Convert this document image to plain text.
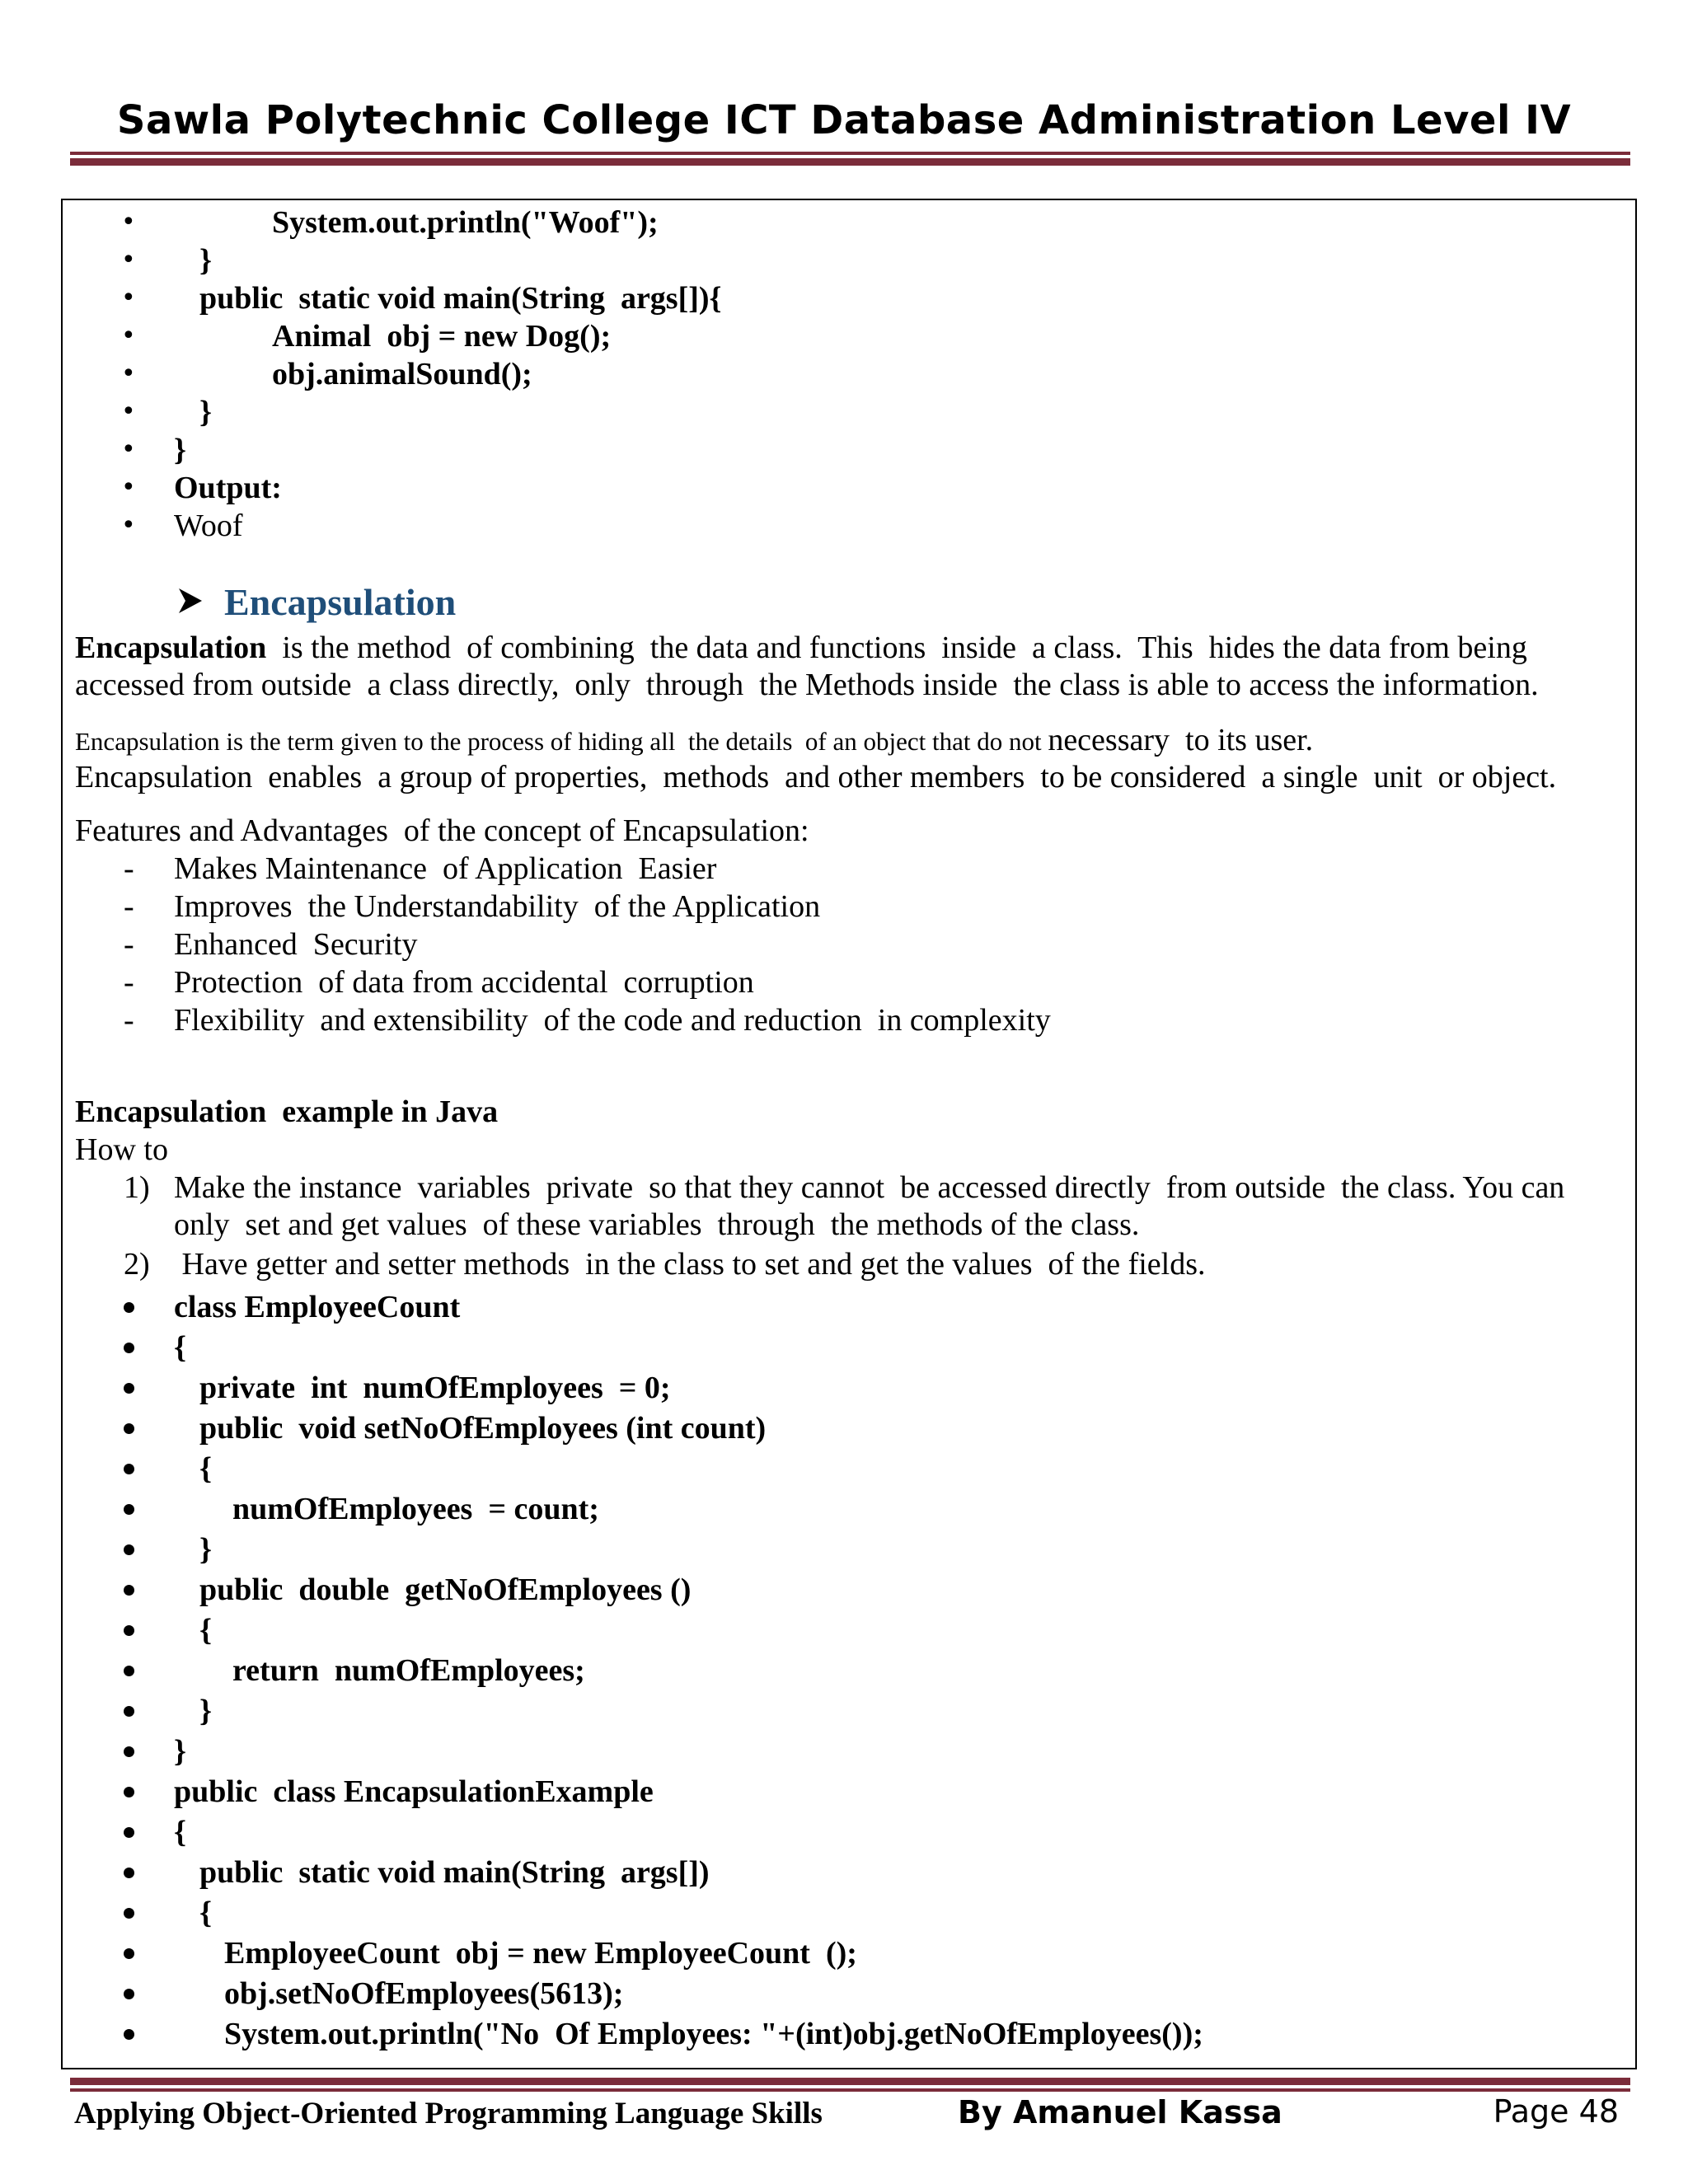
Sawla Polytechnic College ICT Database Administration Level IV
•	System.out.println("Woof");
• }
• public  static void main(String  args[]){
•	Animal  obj = new Dog();
•	obj.animalSound();
• }
• }
• Output:
• Woof
Encapsulation
Encapsulation  is the method  of combining  the data and functions  inside  a class.  This  hides the data from being
accessed from outside  a class directly,  only  through  the Methods inside  the class is able to access the information.
Encapsulation is the term given to the process of hiding all  the details  of an object that do not necessary  to its user.
Encapsulation  enables  a group of properties,  methods  and other members  to be considered  a single  unit  or object.
Features and Advantages  of the concept of Encapsulation:
- Makes Maintenance  of Application  Easier
- Improves  the Understandability  of the Application
- Enhanced  Security
- Protection  of data from accidental  corruption
- Flexibility  and extensibility  of the code and reduction  in complexity
Encapsulation  example in Java
How to
1) Make the instance  variables  private  so that they cannot  be accessed directly  from outside  the class. You can
only  set and get values  of these variables  through  the methods of the class.
2) Have getter and setter methods  in the class to set and get the values  of the fields.
class EmployeeCount
{
private  int  numOfEmployees  = 0;
public  void setNoOfEmployees (int count)
{
numOfEmployees  = count;
}
public  double  getNoOfEmployees ()
{
return  numOfEmployees;
}
}
public  class EncapsulationExample
{
public  static void main(String  args[])
{
EmployeeCount  obj = new EmployeeCount  ();
obj.setNoOfEmployees(5613);
System.out.println("No  Of Employees: "+(int)obj.getNoOfEmployees());
Applying Object-Oriented Programming Language Skills	By Amanuel Kassa	Page 48
